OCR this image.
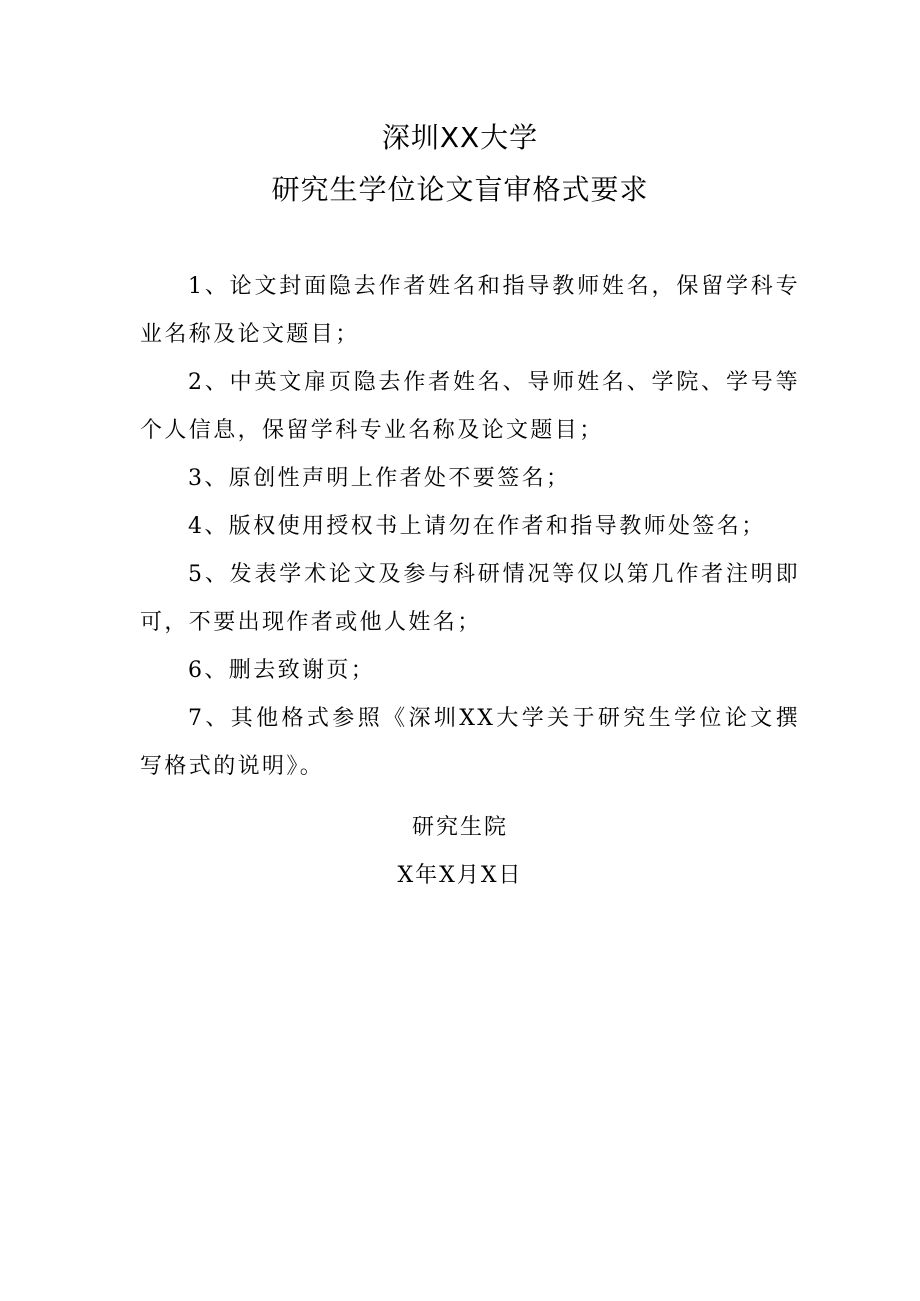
深圳XX大学

研究生学位论文盲审格式要求

1、论文封面隐去作者姓名和指导教师姓名，保留学科专业名称及论文题目；

2、中英文扉页隐去作者姓名、导师姓名、学院、学号等个人信息，保留学科专业名称及论文题目；

3、原创性声明上作者处不要签名；

4、版权使用授权书上请勿在作者和指导教师处签名；

5、发表学术论文及参与科研情况等仅以第几作者注明即可，不要出现作者或他人姓名；

6、删去致谢页；

7、其他格式参照《深圳XX大学关于研究生学位论文撰写格式的说明》。

研究生院

X年X月X日
